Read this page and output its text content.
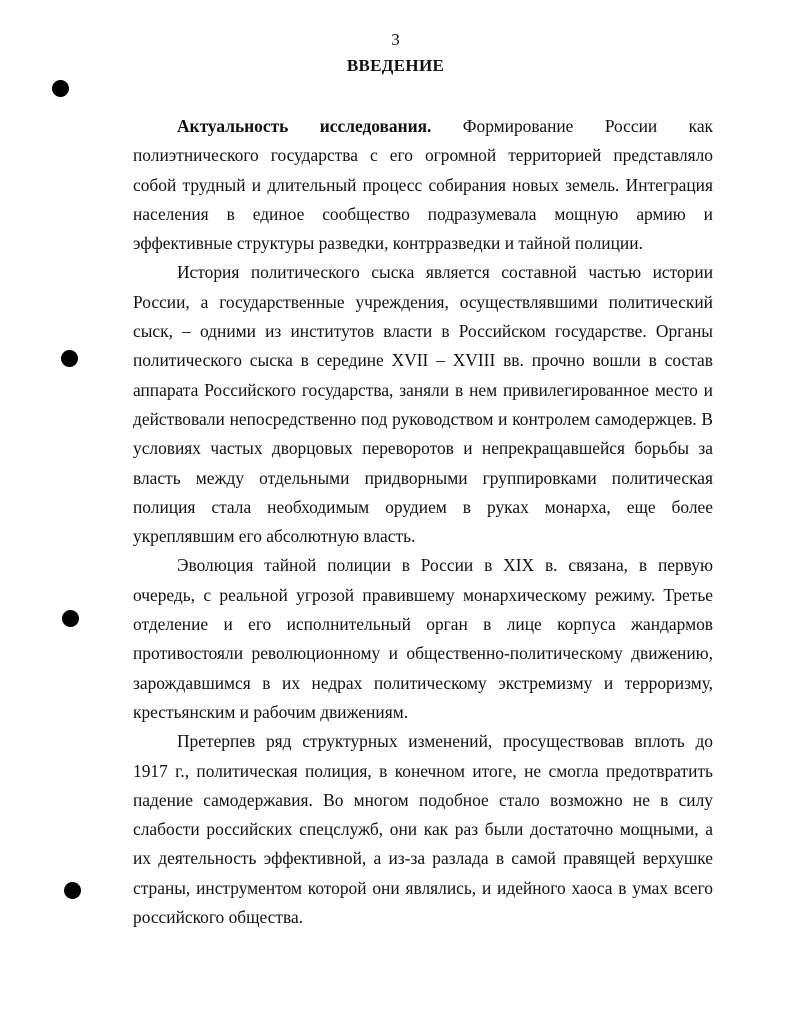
3
ВВЕДЕНИЕ

Актуальность исследования. Формирование России как полиэтнического государства с его огромной территорией представляло собой трудный и длительный процесс собирания новых земель. Интеграция населения в единое сообщество подразумевала мощную армию и эффективные структуры разведки, контрразведки и тайной полиции.

История политического сыска является составной частью истории России, а государственные учреждения, осуществлявшими политический сыск, – одними из институтов власти в Российском государстве. Органы политического сыска в середине XVII – XVIII вв. прочно вошли в состав аппарата Российского государства, заняли в нем привилегированное место и действовали непосредственно под руководством и контролем самодержцев. В условиях частых дворцовых переворотов и непрекращавшейся борьбы за власть между отдельными придворными группировками политическая полиция стала необходимым орудием в руках монарха, еще более укреплявшим его абсолютную власть.

Эволюция тайной полиции в России в XIX в. связана, в первую очередь, с реальной угрозой правившему монархическому режиму. Третье отделение и его исполнительный орган в лице корпуса жандармов противостояли революционному и общественно-политическому движению, зарождавшимся в их недрах политическому экстремизму и терроризму, крестьянским и рабочим движениям.

Претерпев ряд структурных изменений, просуществовав вплоть до 1917 г., политическая полиция, в конечном итоге, не смогла предотвратить падение самодержавия. Во многом подобное стало возможно не в силу слабости российских спецслужб, они как раз были достаточно мощными, а их деятельность эффективной, а из-за разлада в самой правящей верхушке страны, инструментом которой они являлись, и идейного хаоса в умах всего российского общества.
